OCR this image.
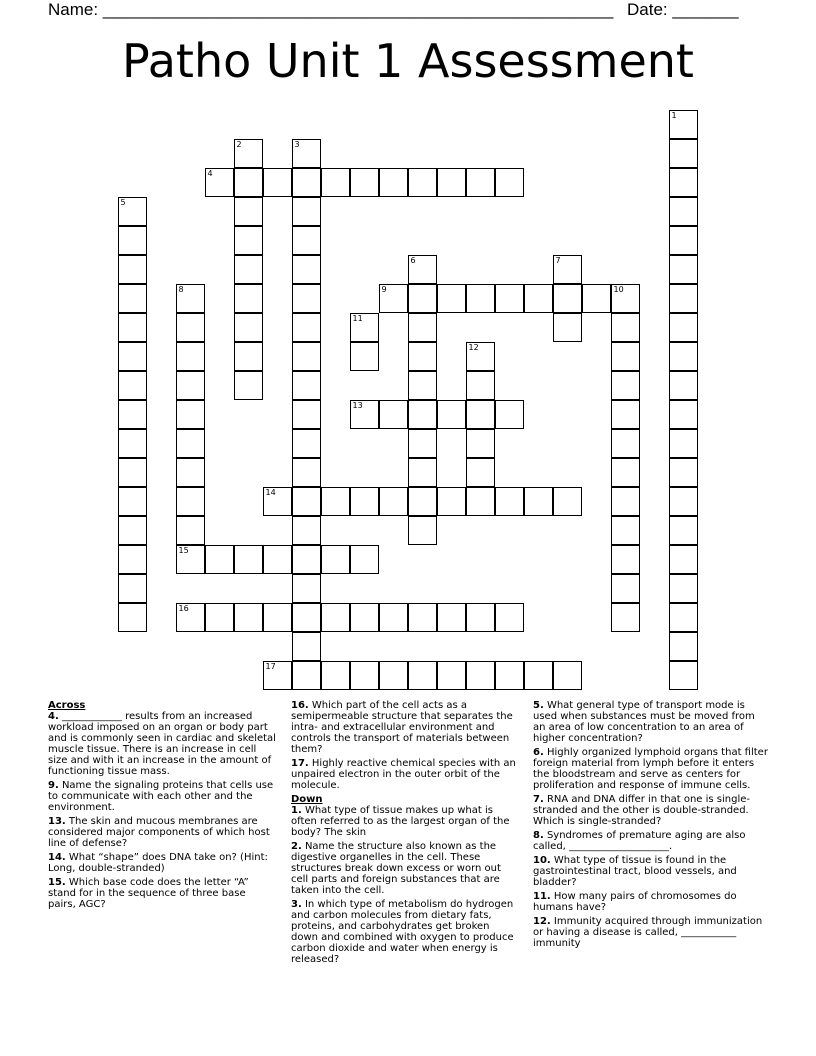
Name: ______________________________________________________ Date: _______
Patho Unit 1 Assessment
1
2	3
4
5
6	7
8	9	10
11
12
13
14
15
16
17
Across
4. ____________ results from an increased workload imposed on an organ or body part and is commonly seen in cardiac and skeletal muscle tissue. There is an increase in cell size and with it an increase in the amount of functioning tissue mass.
9. Name the signaling proteins that cells use to communicate with each other and the environment.
13. The skin and mucous membranes are considered major components of which host line of defense?
14. What “shape” does DNA take on? (Hint: Long, double-stranded)
15. Which base code does the letter “A” stand for in the sequence of three base pairs, AGC?
16. Which part of the cell acts as a semipermeable structure that separates the intra- and extracellular environment and controls the transport of materials between them?
17. Highly reactive chemical species with an unpaired electron in the outer orbit of the molecule.
Down
1. What type of tissue makes up what is often referred to as the largest organ of the body? The skin
2. Name the structure also known as the digestive organelles in the cell. These structures break down excess or worn out cell parts and foreign substances that are taken into the cell.
3. In which type of metabolism do hydrogen and carbon molecules from dietary fats, proteins, and carbohydrates get broken down and combined with oxygen to produce carbon dioxide and water when energy is released?
5. What general type of transport mode is used when substances must be moved from an area of low concentration to an area of higher concentration?
6. Highly organized lymphoid organs that filter foreign material from lymph before it enters the bloodstream and serve as centers for proliferation and response of immune cells.
7. RNA and DNA differ in that one is single-stranded and the other is double-stranded. Which is single-stranded?
8. Syndromes of premature aging are also called, ____________________.
10. What type of tissue is found in the gastrointestinal tract, blood vessels, and bladder?
11. How many pairs of chromosomes do humans have?
12. Immunity acquired through immunization or having a disease is called, ___________ immunity
